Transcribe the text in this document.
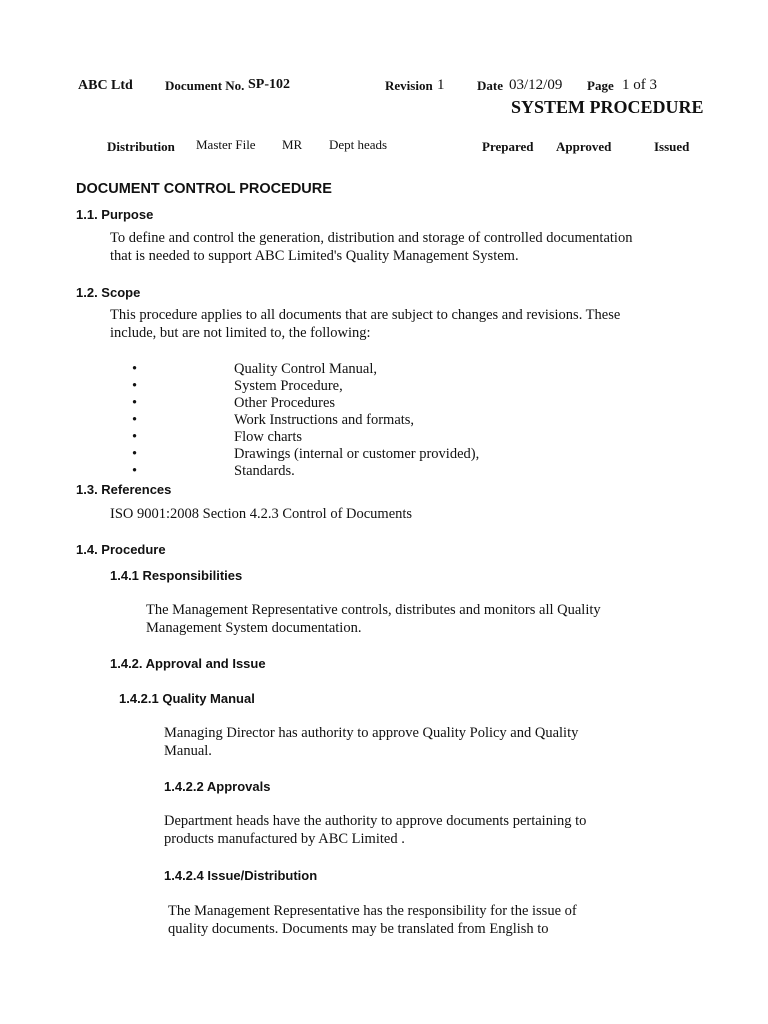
ABC Ltd Document No. SP-102	Revision 1	Date 03/12/09 Page 1 of 3
SYSTEM PROCEDURE
Distribution Master File MR Dept heads	Prepared Approved	Issued
DOCUMENT CONTROL PROCEDURE
1.1. Purpose
To define and control the generation, distribution and storage of controlled documentation
that is needed to support ABC Limited's Quality Management System.
1.2. Scope
This procedure applies to all documents that are subject to changes and revisions. These
include, but are not limited to, the following:
•	Quality Control Manual,
•	System Procedure,
•	Other Procedures
•	Work Instructions and formats,
•	Flow charts
•	Drawings (internal or customer provided),
•	Standards.
1.3. References
ISO 9001:2008 Section 4.2.3 Control of Documents
1.4. Procedure
1.4.1 Responsibilities
The Management Representative controls, distributes and monitors all Quality
Management System documentation.
1.4.2. Approval and Issue
1.4.2.1 Quality Manual
Managing Director has authority to approve Quality Policy and Quality
Manual.
1.4.2.2 Approvals
Department heads have the authority to approve documents pertaining to
products manufactured by ABC Limited .
1.4.2.4 Issue/Distribution
The Management Representative has the responsibility for the issue of
quality documents. Documents may be translated from English to
